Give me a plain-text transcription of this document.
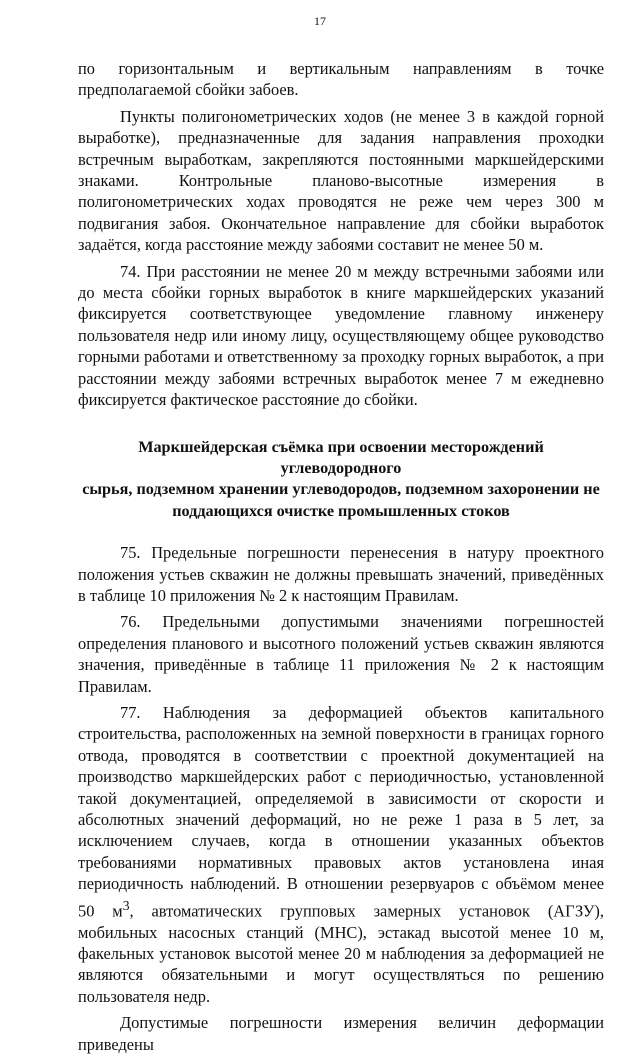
17

по горизонтальным и вертикальным направлениям в точке предполагаемой сбойки забоев.

Пункты полигонометрических ходов (не менее 3 в каждой горной выработке), предназначенные для задания направления проходки встречным выработкам, закрепляются постоянными маркшейдерскими знаками. Контрольные планово-высотные измерения в полигонометрических ходах проводятся не реже чем через 300 м подвигания забоя. Окончательное направление для сбойки выработок задаётся, когда расстояние между забоями составит не менее 50 м.

74. При расстоянии не менее 20 м между встречными забоями или до места сбойки горных выработок в книге маркшейдерских указаний фиксируется соответствующее уведомление главному инженеру пользователя недр или иному лицу, осуществляющему общее руководство горными работами и ответственному за проходку горных выработок, а при расстоянии между забоями встречных выработок менее 7 м ежедневно фиксируется фактическое расстояние до сбойки.

Маркшейдерская съёмка при освоении месторождений углеводородного
сырья, подземном хранении углеводородов, подземном захоронении не
поддающихся очистке промышленных стоков

75. Предельные погрешности перенесения в натуру проектного положения устьев скважин не должны превышать значений, приведённых в таблице 10 приложения № 2 к настоящим Правилам.

76. Предельными допустимыми значениями погрешностей определения планового и высотного положений устьев скважин являются значения, приведённые в таблице 11 приложения № 2 к настоящим Правилам.

77. Наблюдения за деформацией объектов капитального строительства, расположенных на земной поверхности в границах горного отвода, проводятся в соответствии с проектной документацией на производство маркшейдерских работ с периодичностью, установленной такой документацией, определяемой в зависимости от скорости и абсолютных значений деформаций, но не реже 1 раза в 5 лет, за исключением случаев, когда в отношении указанных объектов требованиями нормативных правовых актов установлена иная периодичность наблюдений. В отношении резервуаров с объёмом менее 50 $м^3$, автоматических групповых замерных установок (АГЗУ), мобильных насосных станций (МНС), эстакад высотой менее 10 м, факельных установок высотой менее 20 м наблюдения за деформацией не являются обязательными и могут осуществляться по решению пользователя недр.

Допустимые погрешности измерения величин деформации приведены
